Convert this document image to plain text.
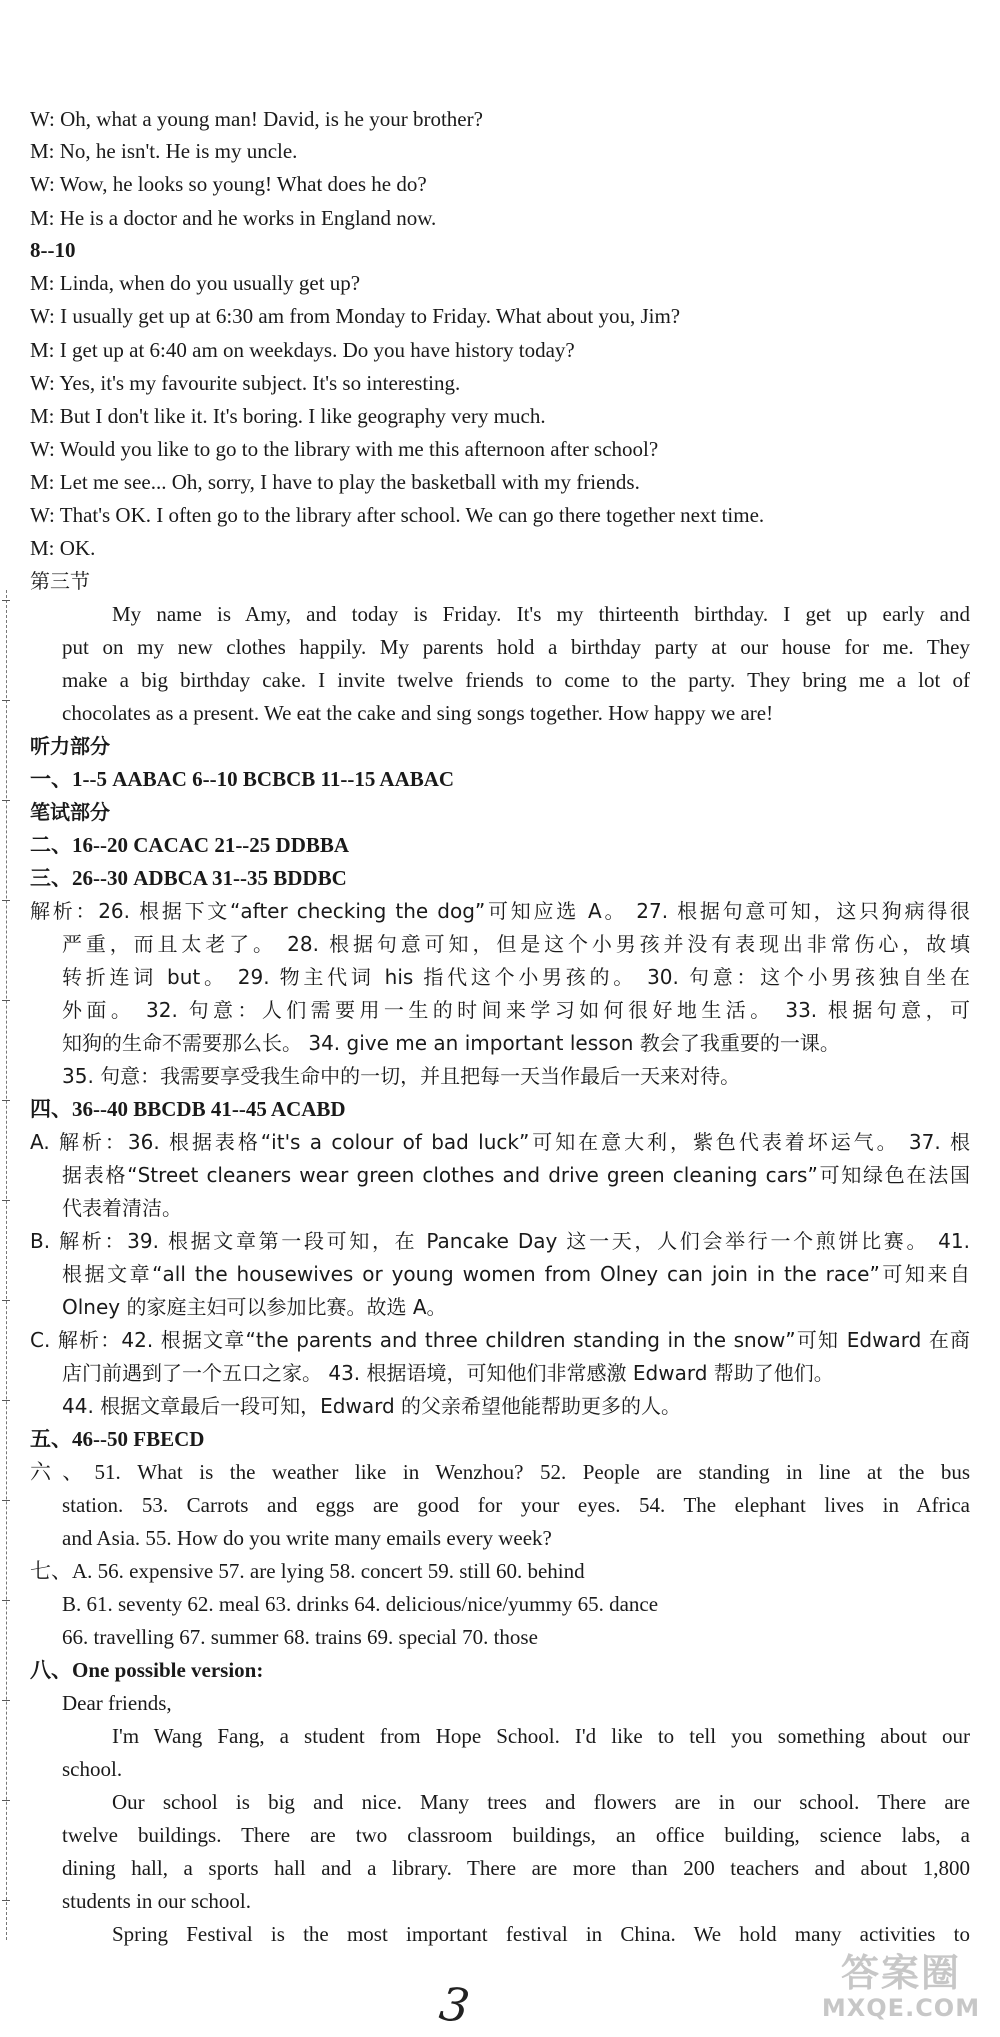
W: Oh, what a young man! David, is he your brother?
M: No, he isn't. He is my uncle.
W: Wow, he looks so young! What does he do?
M: He is a doctor and he works in England now.
8--10
M: Linda, when do you usually get up?
W: I usually get up at 6:30 am from Monday to Friday. What about you, Jim?
M: I get up at 6:40 am on weekdays. Do you have history today?
W: Yes, it's my favourite subject. It's so interesting.
M: But I don't like it. It's boring. I like geography very much.
W: Would you like to go to the library with me this afternoon after school?
M: Let me see... Oh, sorry, I have to play the basketball with my friends.
W: That's OK. I often go to the library after school. We can go there together next time.
M: OK.
第三节
My name is Amy, and today is Friday. It's my thirteenth birthday. I get up early and
put on my new clothes happily. My parents hold a birthday party at our house for me. They
make a big birthday cake. I invite twelve friends to come to the party. They bring me a lot of
chocolates as a present. We eat the cake and sing songs together. How happy we are!
听力部分
一、1--5 AABAC 6--10 BCBCB 11--15 AABAC
笔试部分
二、16--20 CACAC 21--25 DDBBA
三、26--30 ADBCA 31--35 BDDBC
解析：26. 根据下文“after checking the dog”可知应选 A。 27. 根据句意可知，这只狗病得很
严重，而且太老了。 28. 根据句意可知，但是这个小男孩并没有表现出非常伤心，故填
转折连词 but。 29. 物主代词 his 指代这个小男孩的。 30. 句意：这个小男孩独自坐在
外面。 32. 句意：人们需要用一生的时间来学习如何很好地生活。 33. 根据句意，可
知狗的生命不需要那么长。 34. give me an important lesson 教会了我重要的一课。
35. 句意：我需要享受我生命中的一切，并且把每一天当作最后一天来对待。
四、36--40 BBCDB 41--45 ACABD
A. 解析：36. 根据表格“it's a colour of bad luck”可知在意大利，紫色代表着坏运气。 37. 根
据表格“Street cleaners wear green clothes and drive green cleaning cars”可知绿色在法国
代表着清洁。
B. 解析：39. 根据文章第一段可知，在 Pancake Day 这一天，人们会举行一个煎饼比赛。 41.
根据文章“all the housewives or young women from Olney can join in the race”可知来自
Olney 的家庭主妇可以参加比赛。故选 A。
C. 解析：42. 根据文章“the parents and three children standing in the snow”可知 Edward 在商
店门前遇到了一个五口之家。 43. 根据语境，可知他们非常感激 Edward 帮助了他们。
44. 根据文章最后一段可知，Edward 的父亲希望他能帮助更多的人。
五、46--50 FBECD
六、51. What is the weather like in Wenzhou? 52. People are standing in line at the bus
station. 53. Carrots and eggs are good for your eyes. 54. The elephant lives in Africa
and Asia. 55. How do you write many emails every week?
七、A. 56. expensive 57. are lying 58. concert 59. still 60. behind
B. 61. seventy 62. meal 63. drinks 64. delicious/nice/yummy 65. dance
66. travelling 67. summer 68. trains 69. special 70. those
八、One possible version:
Dear friends,
I'm Wang Fang, a student from Hope School. I'd like to tell you something about our
school.
Our school is big and nice. Many trees and flowers are in our school. There are
twelve buildings. There are two classroom buildings, an office building, science labs, a
dining hall, a sports hall and a library. There are more than 200 teachers and about 1,800
students in our school.
Spring Festival is the most important festival in China. We hold many activities to
3
答案圈
MXQE.COM
